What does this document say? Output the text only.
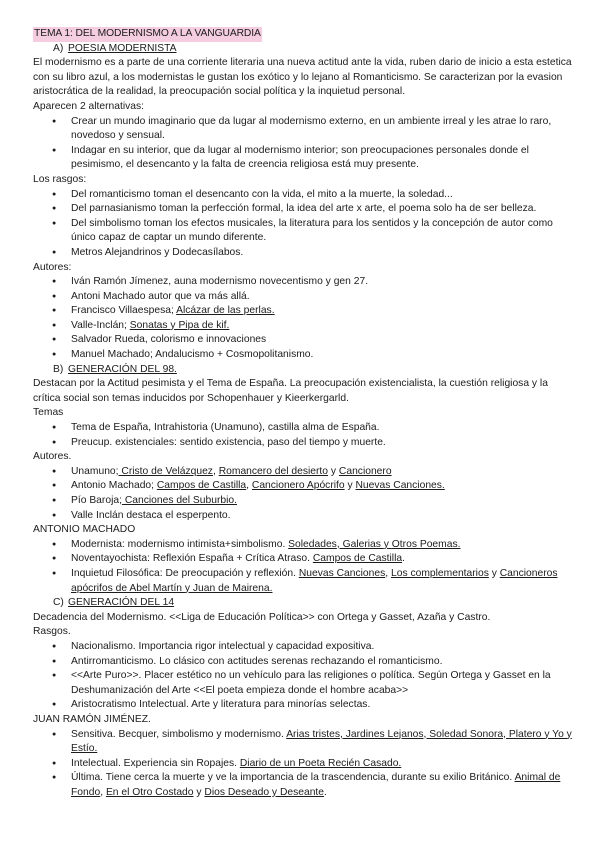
TEMA 1: DEL MODERNISMO A LA VANGUARDIA
A) POESIA MODERNISTA

El modernismo es a parte de una corriente literaria una nueva actitud ante la vida, ruben dario de inicio a esta estetica con su libro azul, a los modernistas le gustan los exótico y lo lejano al Romanticismo. Se caracterizan por la evasion aristocrática de la realidad, la preocupación social política y la inquietud personal.

Aparecen 2 alternativas:

● Crear un mundo imaginario que da lugar al modernismo externo, en un ambiente irreal y les atrae lo raro, novedoso y sensual.
● Indagar en su interior, que da lugar al modernismo interior; son preocupaciones personales donde el pesimismo, el desencanto y la falta de creencia religiosa está muy presente.

Los rasgos:

● Del romanticismo toman el desencanto con la vida, el mito a la muerte, la soledad...
● Del parnasianismo toman la perfección formal, la idea del arte x arte, el poema solo ha de ser belleza.
● Del simbolismo toman los efectos musicales, la literatura para los sentidos y la concepción de autor como único capaz de captar un mundo diferente.
● Metros Alejandrinos y Dodecasílabos.

Autores:

● Iván Ramón Jímenez, auna modernismo novecentismo y gen 27.
● Antoni Machado autor que va más allá.
● Francisco Villaespesa; Alcázar de las perlas.
● Valle-Inclán; Sonatas y Pipa de kif.
● Salvador Rueda, colorismo e innovaciones
● Manuel Machado; Andalucismo + Cosmopolitanismo.
B) GENERACIÓN DEL 98.

Destacan por la Actitud pesimista y el Tema de España. La preocupación existencialista, la cuestión religiosa y la crítica social son temas inducidos por Schopenhauer y Kieerkergarld.

Temas

● Tema de España, Intrahistoria (Unamuno), castilla alma de España.
● Preucup. existenciales: sentido existencia, paso del tiempo y muerte.

Autores.

● Unamuno; Cristo de Velázquez, Romancero del desierto y Cancionero
● Antonio Machado; Campos de Castilla, Cancionero Apócrifo y Nuevas Canciones.
● Pío Baroja; Canciones del Suburbio.
● Valle Inclán destaca el esperpento.

ANTONIO MACHADO

● Modernista: modernismo intimista+simbolismo. Soledades, Galerias y Otros Poemas.
● Noventayochista: Reflexión España + Crítica Atraso. Campos de Castilla.
● Inquietud Filosófica: De preocupación y reflexión. Nuevas Canciones, Los complementarios y Cancioneros apócrifos de Abel Martín y Juan de Mairena.
C) GENERACIÓN DEL 14

Decadencia del Modernismo. <<Liga de Educación Política>> con Ortega y Gasset, Azaña y Castro.

Rasgos.

● Nacionalismo. Importancia rigor intelectual y capacidad expositiva.
● Antirromanticismo. Lo clásico con actitudes serenas rechazando el romanticismo.
● <<Arte Puro>>. Placer estético no un vehículo para las religiones o política. Según Ortega y Gasset en la Deshumanización del Arte <<El poeta empieza donde el hombre acaba>>
● Aristocratismo Intelectual. Arte y literatura para minorías selectas.

JUAN RAMÓN JIMÉNEZ.

● Sensitiva. Becquer, simbolismo y modernismo. Arias tristes, Jardines Lejanos, Soledad Sonora, Platero y Yo y Estío.
● Intelectual. Experiencia sin Ropajes. Diario de un Poeta Recién Casado.
● Última. Tiene cerca la muerte y ve la importancia de la trascendencia, durante su exilio Británico. Animal de Fondo, En el Otro Costado y Dios Deseado y Deseante.
